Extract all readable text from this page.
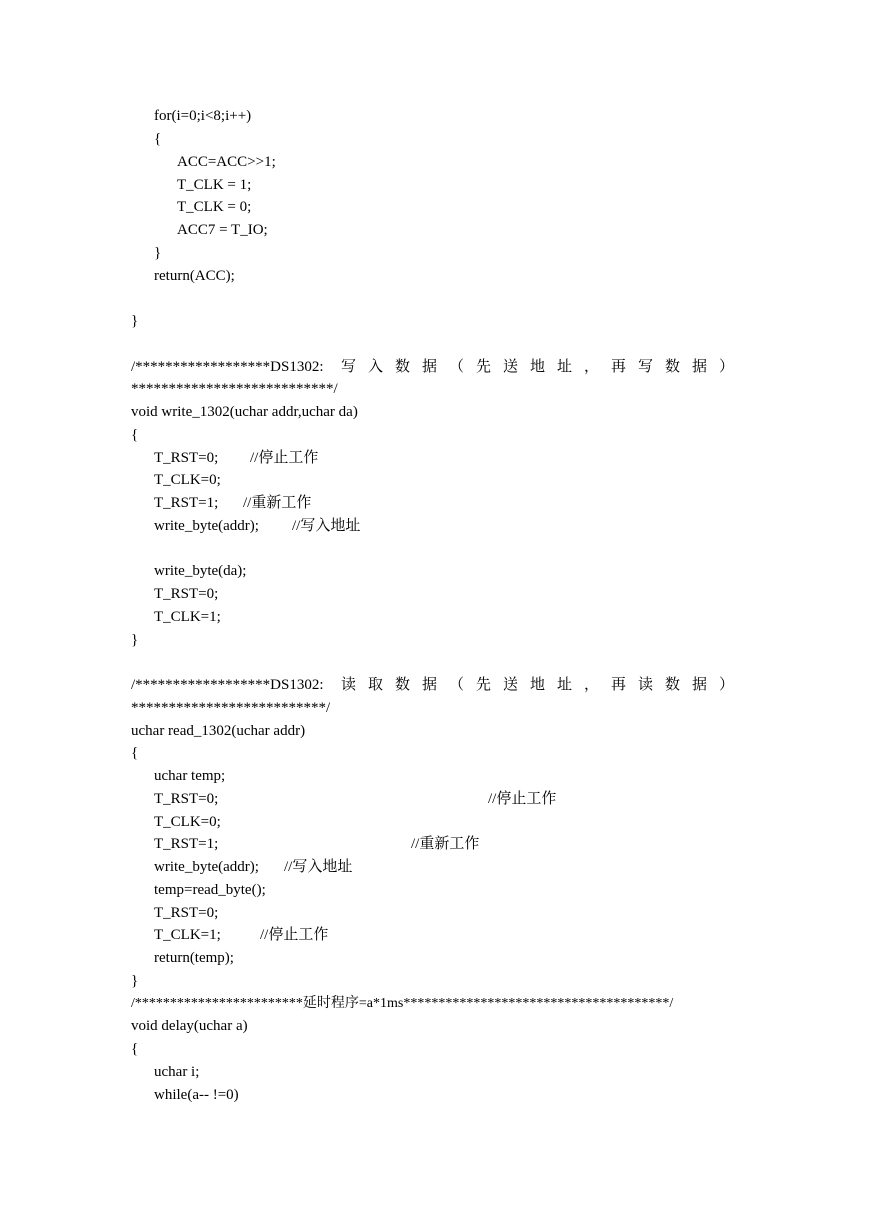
for(i=0;i<8;i++)
{
ACC=ACC>>1;
T_CLK = 1;
T_CLK = 0;
ACC7 = T_IO;
}
return(ACC);
}

/******************DS1302:

写

入

数

据

（

先

送

地

址

，

再

写

数

据

）

***************************/
void write_1302(uchar addr,uchar da)
{
T_RST=0; //停止工作
T_CLK=0;
T_RST=1; //重新工作
write_byte(addr); //写入地址
write_byte(da);
T_RST=0;
T_CLK=1;
}

/******************DS1302:

读

取

数

据

（

先

送

地

址

，

再

读

数

据

）

**************************/
uchar read_1302(uchar addr)
{
uchar temp;
T_RST=0;	//停止工作
T_CLK=0;
T_RST=1;	//重新工作
write_byte(addr); //写入地址
temp=read_byte();
T_RST=0;
T_CLK=1;	//停止工作
return(temp);
}
/************************延时程序=a*1ms**************************************/
void delay(uchar a)
{
uchar i;
while(a-- !=0)
